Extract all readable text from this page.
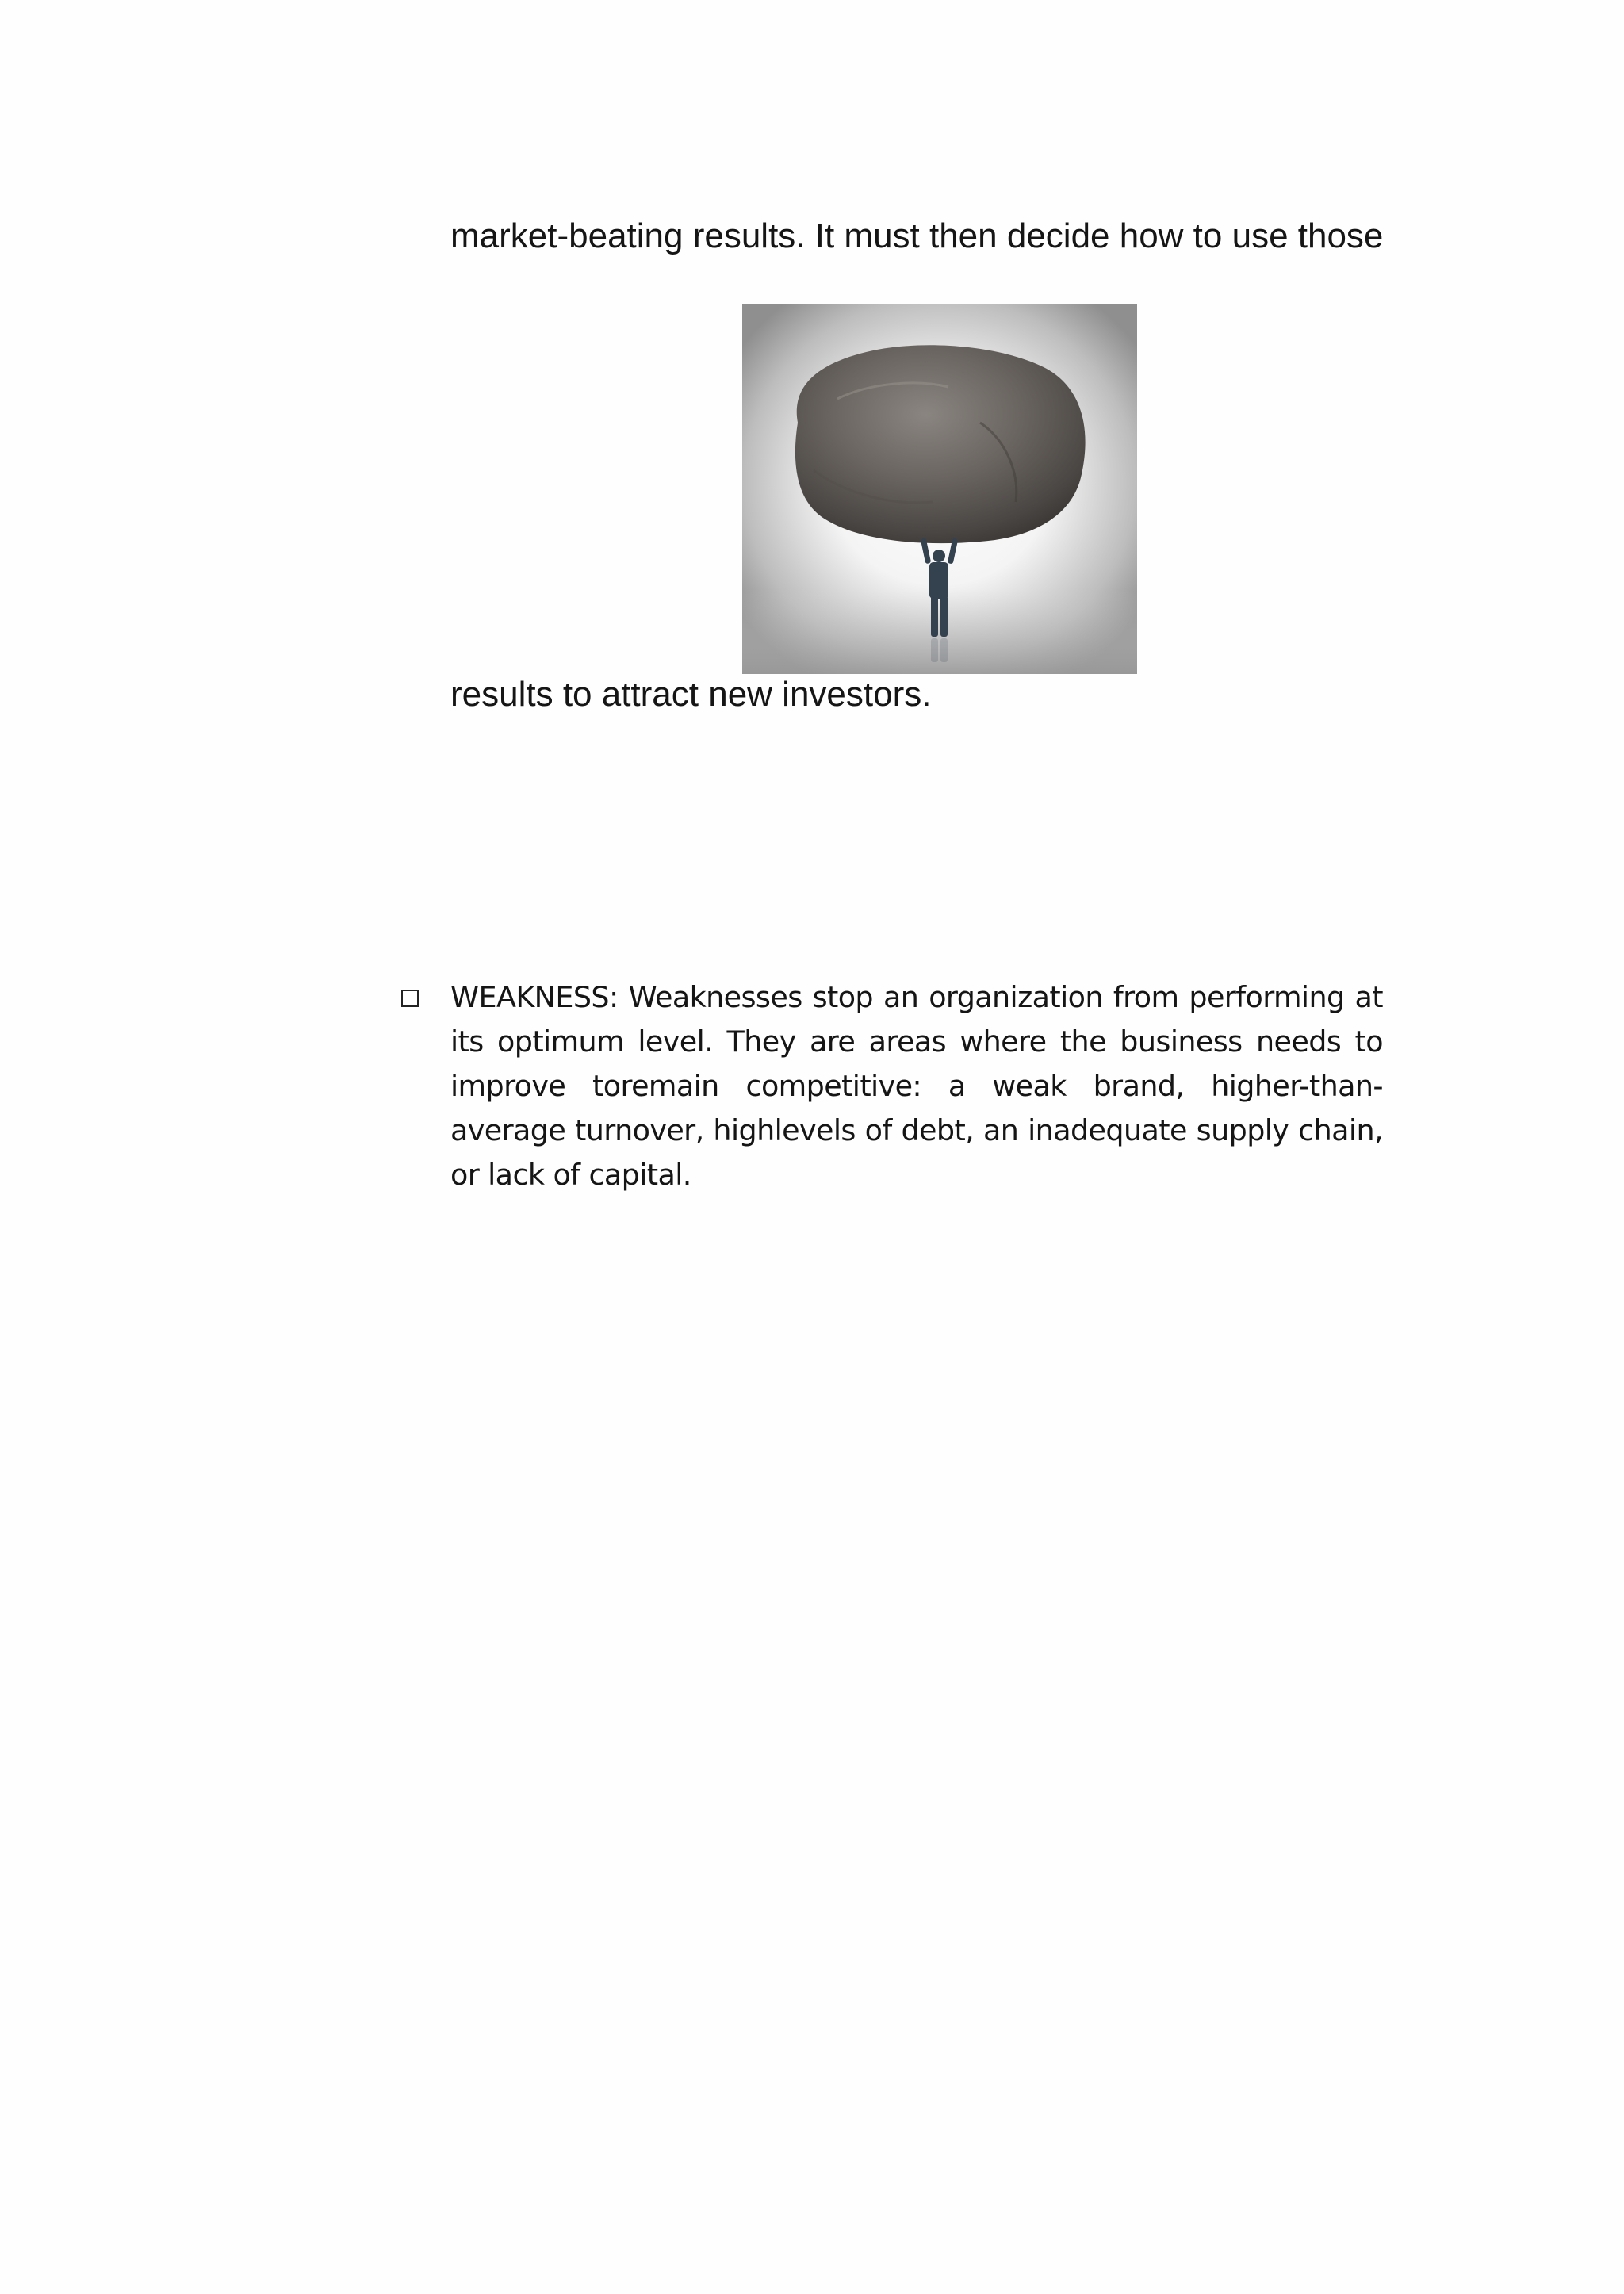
market-beating results. It must then decide how to use those
results to attract new investors.
WEAKNESS: Weaknesses stop an organization from performing at its optimum level. They are areas where the business needs to improve toremain competitive: a weak brand, higher-than-average turnover, highlevels of debt, an inadequate supply chain, or lack of capital.
